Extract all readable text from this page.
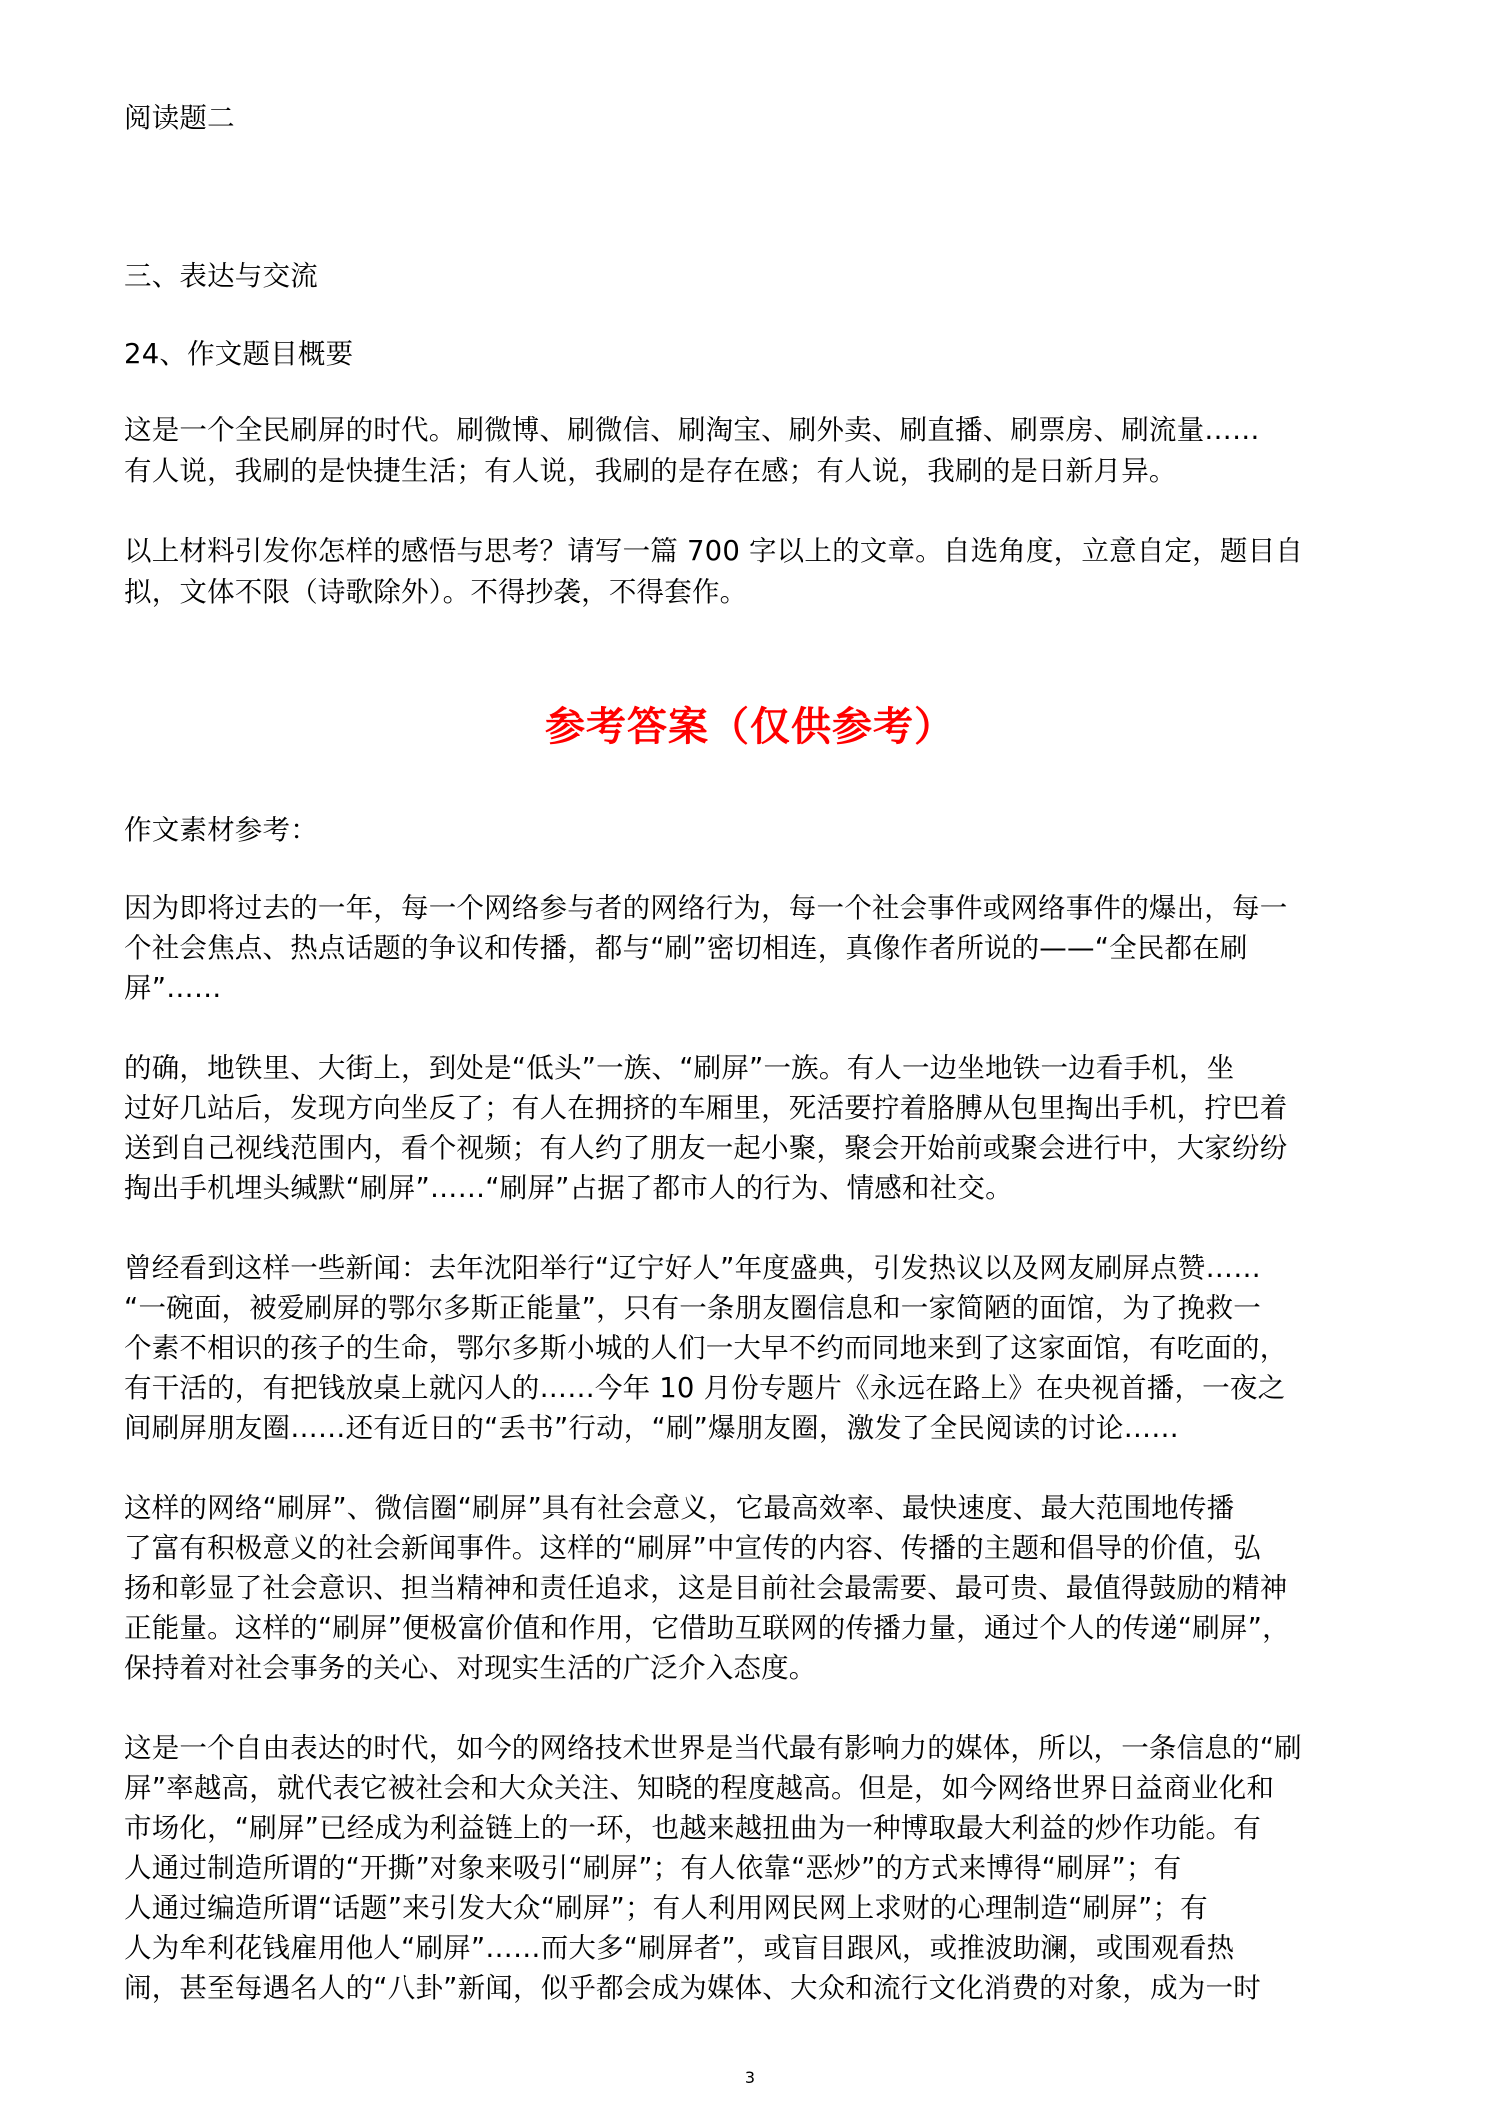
阅读题二
三、表达与交流
24、作文题目概要
这是一个全民刷屏的时代。刷微博、刷微信、刷淘宝、刷外卖、刷直播、刷票房、刷流量……
有人说，我刷的是快捷生活；有人说，我刷的是存在感；有人说，我刷的是日新月异。
以上材料引发你怎样的感悟与思考？请写一篇 700 字以上的文章。自选角度，立意自定，题目自
拟，文体不限（诗歌除外）。不得抄袭，不得套作。
参考答案（仅供参考）
作文素材参考：
因为即将过去的一年，每一个网络参与者的网络行为，每一个社会事件或网络事件的爆出，每一
个社会焦点、热点话题的争议和传播，都与“刷”密切相连，真像作者所说的——“全民都在刷
屏”……
的确，地铁里、大街上，到处是“低头”一族、“刷屏”一族。有人一边坐地铁一边看手机，坐
过好几站后，发现方向坐反了；有人在拥挤的车厢里，死活要拧着胳膊从包里掏出手机，拧巴着
送到自己视线范围内，看个视频；有人约了朋友一起小聚，聚会开始前或聚会进行中，大家纷纷
掏出手机埋头缄默“刷屏”……“刷屏”占据了都市人的行为、情感和社交。
曾经看到这样一些新闻：去年沈阳举行“辽宁好人”年度盛典，引发热议以及网友刷屏点赞……
“一碗面，被爱刷屏的鄂尔多斯正能量”，只有一条朋友圈信息和一家简陋的面馆，为了挽救一
个素不相识的孩子的生命，鄂尔多斯小城的人们一大早不约而同地来到了这家面馆，有吃面的，
有干活的，有把钱放桌上就闪人的……今年 10 月份专题片《永远在路上》在央视首播，一夜之
间刷屏朋友圈……还有近日的“丢书”行动，“刷”爆朋友圈，激发了全民阅读的讨论……
这样的网络“刷屏”、微信圈“刷屏”具有社会意义，它最高效率、最快速度、最大范围地传播
了富有积极意义的社会新闻事件。这样的“刷屏”中宣传的内容、传播的主题和倡导的价值，弘
扬和彰显了社会意识、担当精神和责任追求，这是目前社会最需要、最可贵、最值得鼓励的精神
正能量。这样的“刷屏”便极富价值和作用，它借助互联网的传播力量，通过个人的传递“刷屏”，
保持着对社会事务的关心、对现实生活的广泛介入态度。
这是一个自由表达的时代，如今的网络技术世界是当代最有影响力的媒体，所以，一条信息的“刷
屏”率越高，就代表它被社会和大众关注、知晓的程度越高。但是，如今网络世界日益商业化和
市场化，“刷屏”已经成为利益链上的一环，也越来越扭曲为一种博取最大利益的炒作功能。有
人通过制造所谓的“开撕”对象来吸引“刷屏”；有人依靠“恶炒”的方式来博得“刷屏”；有
人通过编造所谓“话题”来引发大众“刷屏”；有人利用网民网上求财的心理制造“刷屏”；有
人为牟利花钱雇用他人“刷屏”……而大多“刷屏者”，或盲目跟风，或推波助澜，或围观看热
闹，甚至每遇名人的“八卦”新闻，似乎都会成为媒体、大众和流行文化消费的对象，成为一时
3
